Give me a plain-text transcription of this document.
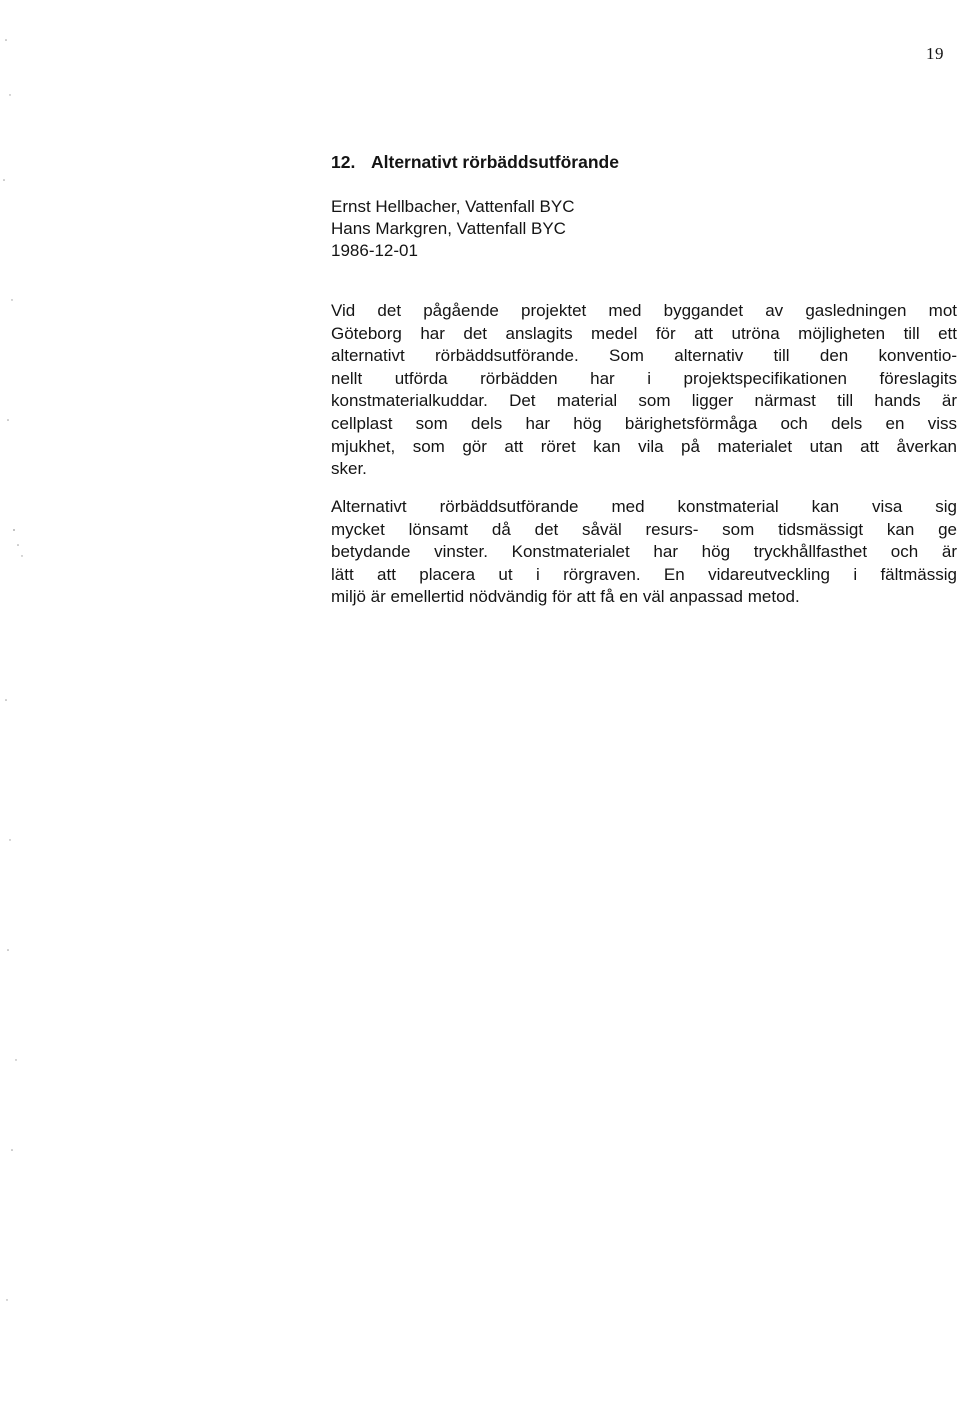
19
12. Alternativt rörbäddsutförande
Ernst Hellbacher, Vattenfall BYC
Hans Markgren, Vattenfall BYC
1986-12-01
Vid det pågående projektet med byggandet av gasledningen mot
Göteborg har det anslagits medel för att utröna möjligheten till ett
alternativt rörbäddsutförande. Som alternativ till den konventio-
nellt utförda rörbädden har i projektspecifikationen föreslagits
konstmaterialkuddar. Det material som ligger närmast till hands är
cellplast som dels har hög bärighetsförmåga och dels en viss
mjukhet, som gör att röret kan vila på materialet utan att åverkan
sker.
Alternativt rörbäddsutförande med konstmaterial kan visa sig
mycket lönsamt då det såväl resurs- som tidsmässigt kan ge
betydande vinster. Konstmaterialet har hög tryckhållfasthet och är
lätt att placera ut i rörgraven. En vidareutveckling i fältmässig
miljö är emellertid nödvändig för att få en väl anpassad metod.
